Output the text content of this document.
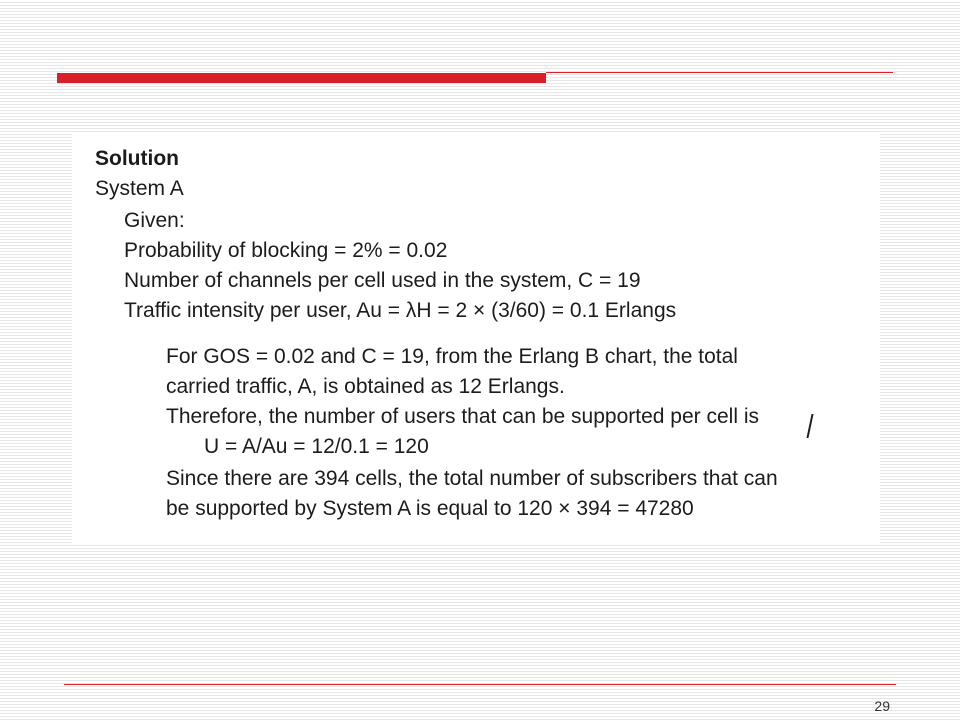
Solution
System A
Given:
Probability of blocking = 2% = 0.02
Number of channels per cell used in the system, C = 19
Traffic intensity per user, Au = λH = 2 × (3/60) = 0.1 Erlangs
For GOS = 0.02 and C = 19, from the Erlang B chart, the total
carried traffic, A, is obtained as 12 Erlangs.
Therefore, the number of users that can be supported per cell is
U = A/Au = 12/0.1 = 120
Since there are 394 cells, the total number of subscribers that can
be supported by System A is equal to 120 × 394 = 47280
29
